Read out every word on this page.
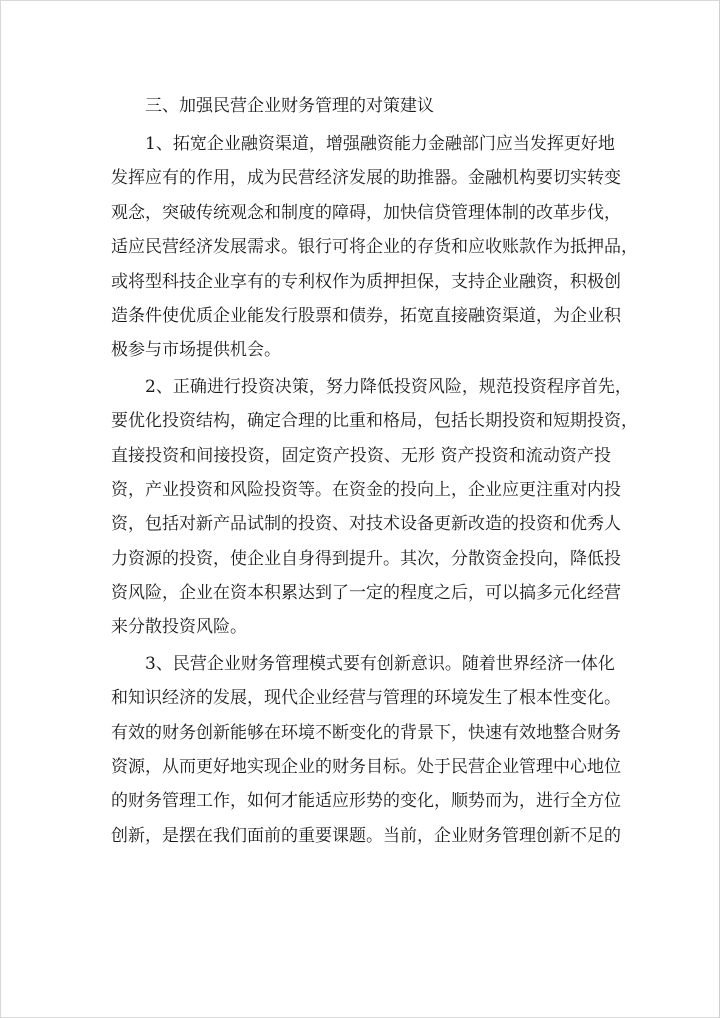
三、加强民营企业财务管理的对策建议

1、拓宽企业融资渠道，增强融资能力金融部门应当发挥更好地
发挥应有的作用，成为民营经济发展的助推器。金融机构要切实转变
观念，突破传统观念和制度的障碍，加快信贷管理体制的改革步伐，
适应民营经济发展需求。银行可将企业的存货和应收账款作为抵押品，
或将型科技企业享有的专利权作为质押担保，支持企业融资，积极创
造条件使优质企业能发行股票和债券，拓宽直接融资渠道，为企业积
极参与市场提供机会。
2、正确进行投资决策，努力降低投资风险，规范投资程序首先，
要优化投资结构，确定合理的比重和格局，包括长期投资和短期投资，
直接投资和间接投资，固定资产投资、无形 资产投资和流动资产投
资，产业投资和风险投资等。在资金的投向上，企业应更注重对内投
资，包括对新产品试制的投资、对技术设备更新改造的投资和优秀人
力资源的投资，使企业自身得到提升。其次，分散资金投向，降低投
资风险，企业在资本积累达到了一定的程度之后，可以搞多元化经营
来分散投资风险。
3、民营企业财务管理模式要有创新意识。随着世界经济一体化
和知识经济的发展，现代企业经营与管理的环境发生了根本性变化。
有效的财务创新能够在环境不断变化的背景下，快速有效地整合财务
资源，从而更好地实现企业的财务目标。处于民营企业管理中心地位
的财务管理工作，如何才能适应形势的变化，顺势而为，进行全方位
创新，是摆在我们面前的重要课题。当前，企业财务管理创新不足的
